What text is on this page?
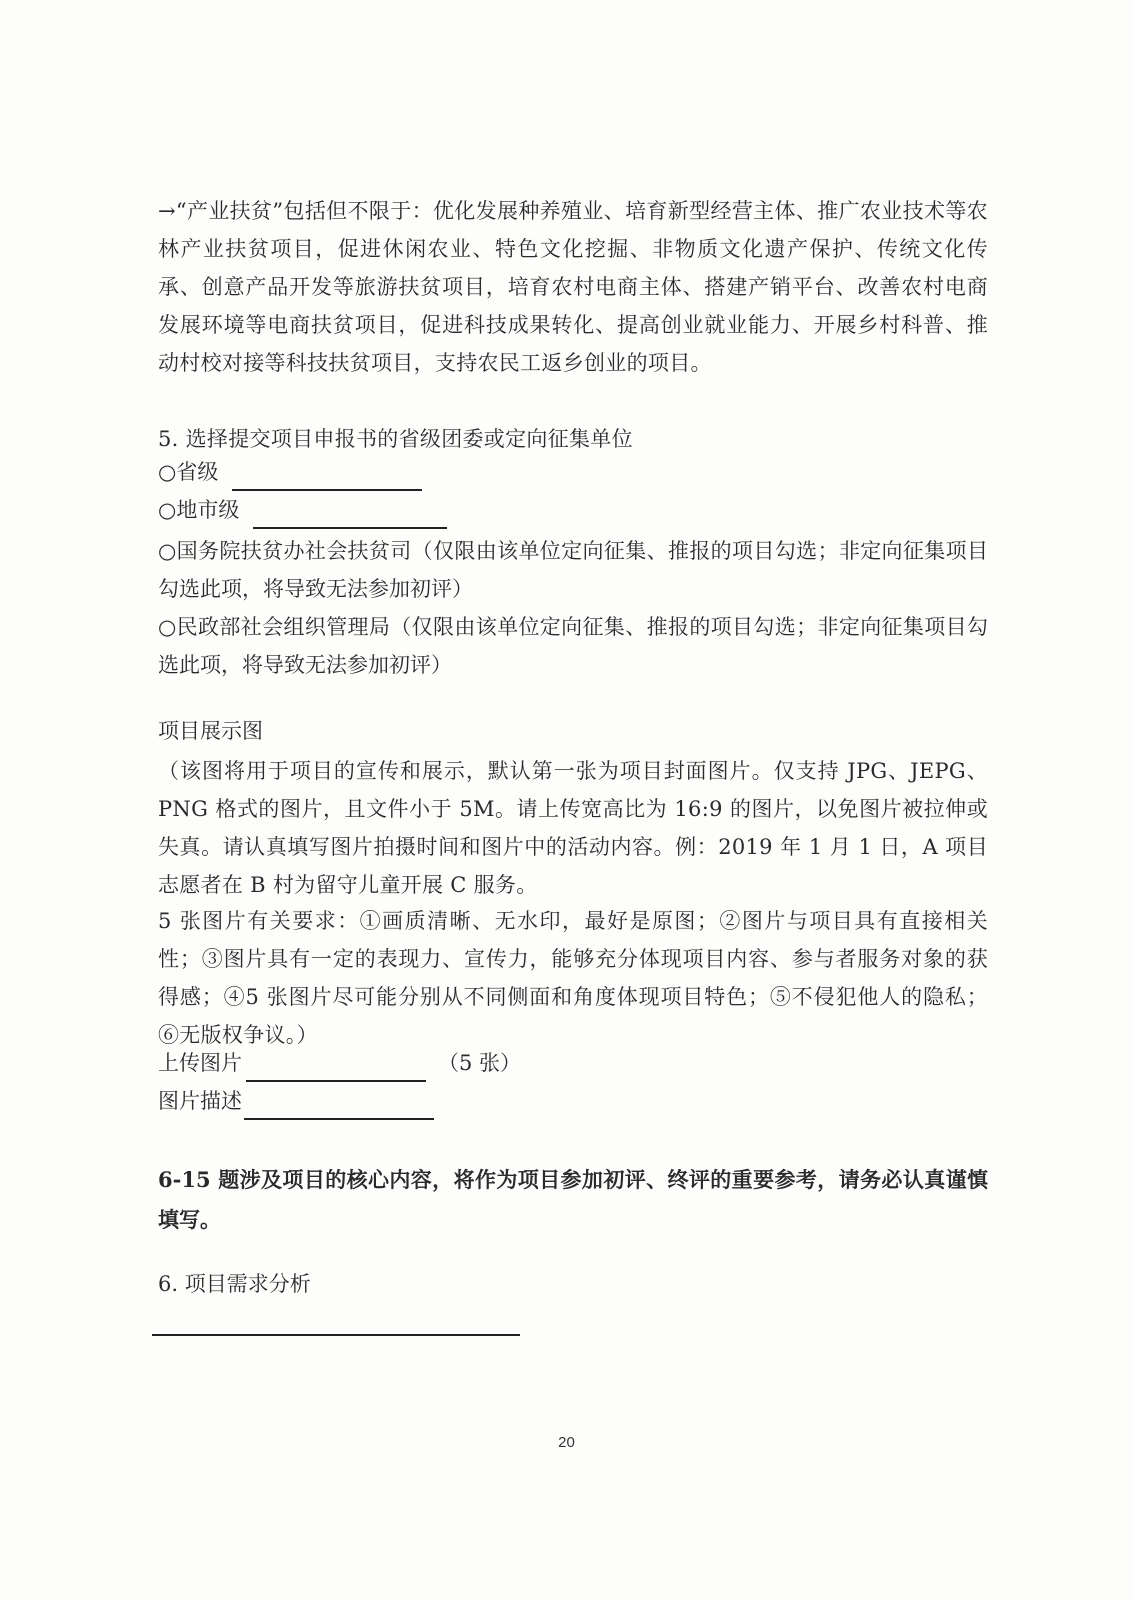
→“产业扶贫”包括但不限于：优化发展种养殖业、培育新型经营主体、推广农业技术等农林产业扶贫项目，促进休闲农业、特色文化挖掘、非物质文化遗产保护、传统文化传承、创意产品开发等旅游扶贫项目，培育农村电商主体、搭建产销平台、改善农村电商发展环境等电商扶贫项目，促进科技成果转化、提高创业就业能力、开展乡村科普、推动村校对接等科技扶贫项目，支持农民工返乡创业的项目。
5. 选择提交项目申报书的省级团委或定向征集单位
○省级
○地市级
○国务院扶贫办社会扶贫司（仅限由该单位定向征集、推报的项目勾选；非定向征集项目勾选此项，将导致无法参加初评）
○民政部社会组织管理局（仅限由该单位定向征集、推报的项目勾选；非定向征集项目勾选此项，将导致无法参加初评）
项目展示图
（该图将用于项目的宣传和展示，默认第一张为项目封面图片。仅支持 JPG、JEPG、PNG 格式的图片，且文件小于 5M。请上传宽高比为 16:9 的图片，以免图片被拉伸或失真。请认真填写图片拍摄时间和图片中的活动内容。例：2019 年 1 月 1 日，A 项目志愿者在 B 村为留守儿童开展 C 服务。
5 张图片有关要求：①画质清晰、无水印，最好是原图；②图片与项目具有直接相关性；③图片具有一定的表现力、宣传力，能够充分体现项目内容、参与者服务对象的获得感；④5 张图片尽可能分别从不同侧面和角度体现项目特色；⑤不侵犯他人的隐私；⑥无版权争议。）
上传图片	（5 张）
图片描述
6-15 题涉及项目的核心内容，将作为项目参加初评、终评的重要参考，请务必认真谨慎填写。
6. 项目需求分析
20
